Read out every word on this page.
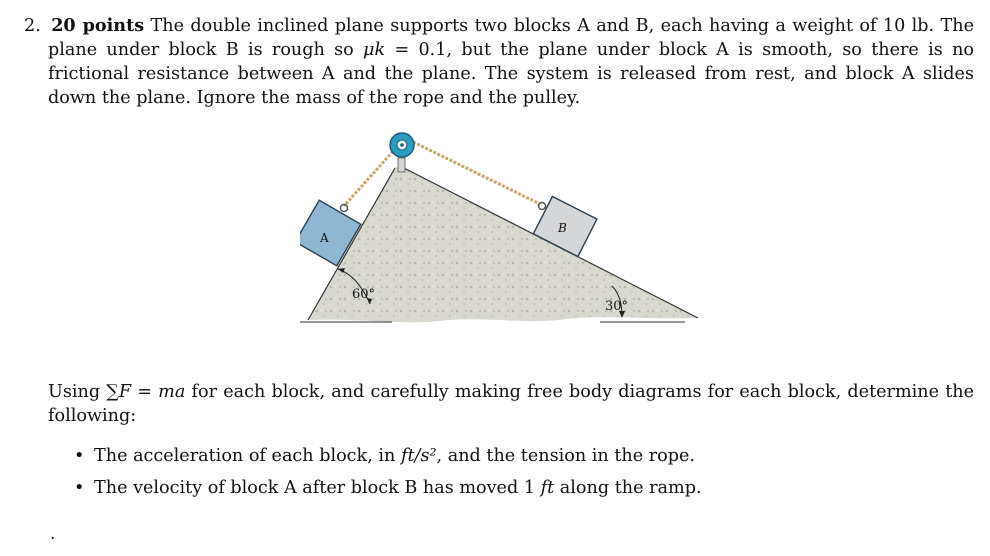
2. 20 points The double inclined plane supports two blocks A and B, each having a weight of 10 lb. The plane under block B is rough so μk = 0.1, but the plane under block A is smooth, so there is no frictional resistance between A and the plane. The system is released from rest, and block A slides down the plane. Ignore the mass of the rope and the pulley.
60°
30°
A
B
Using ∑F = ma for each block, and carefully making free body diagrams for each block, determine the following:
• The acceleration of each block, in ft/s², and the tension in the rope.
• The velocity of block A after block B has moved 1 ft along the ramp.
.
